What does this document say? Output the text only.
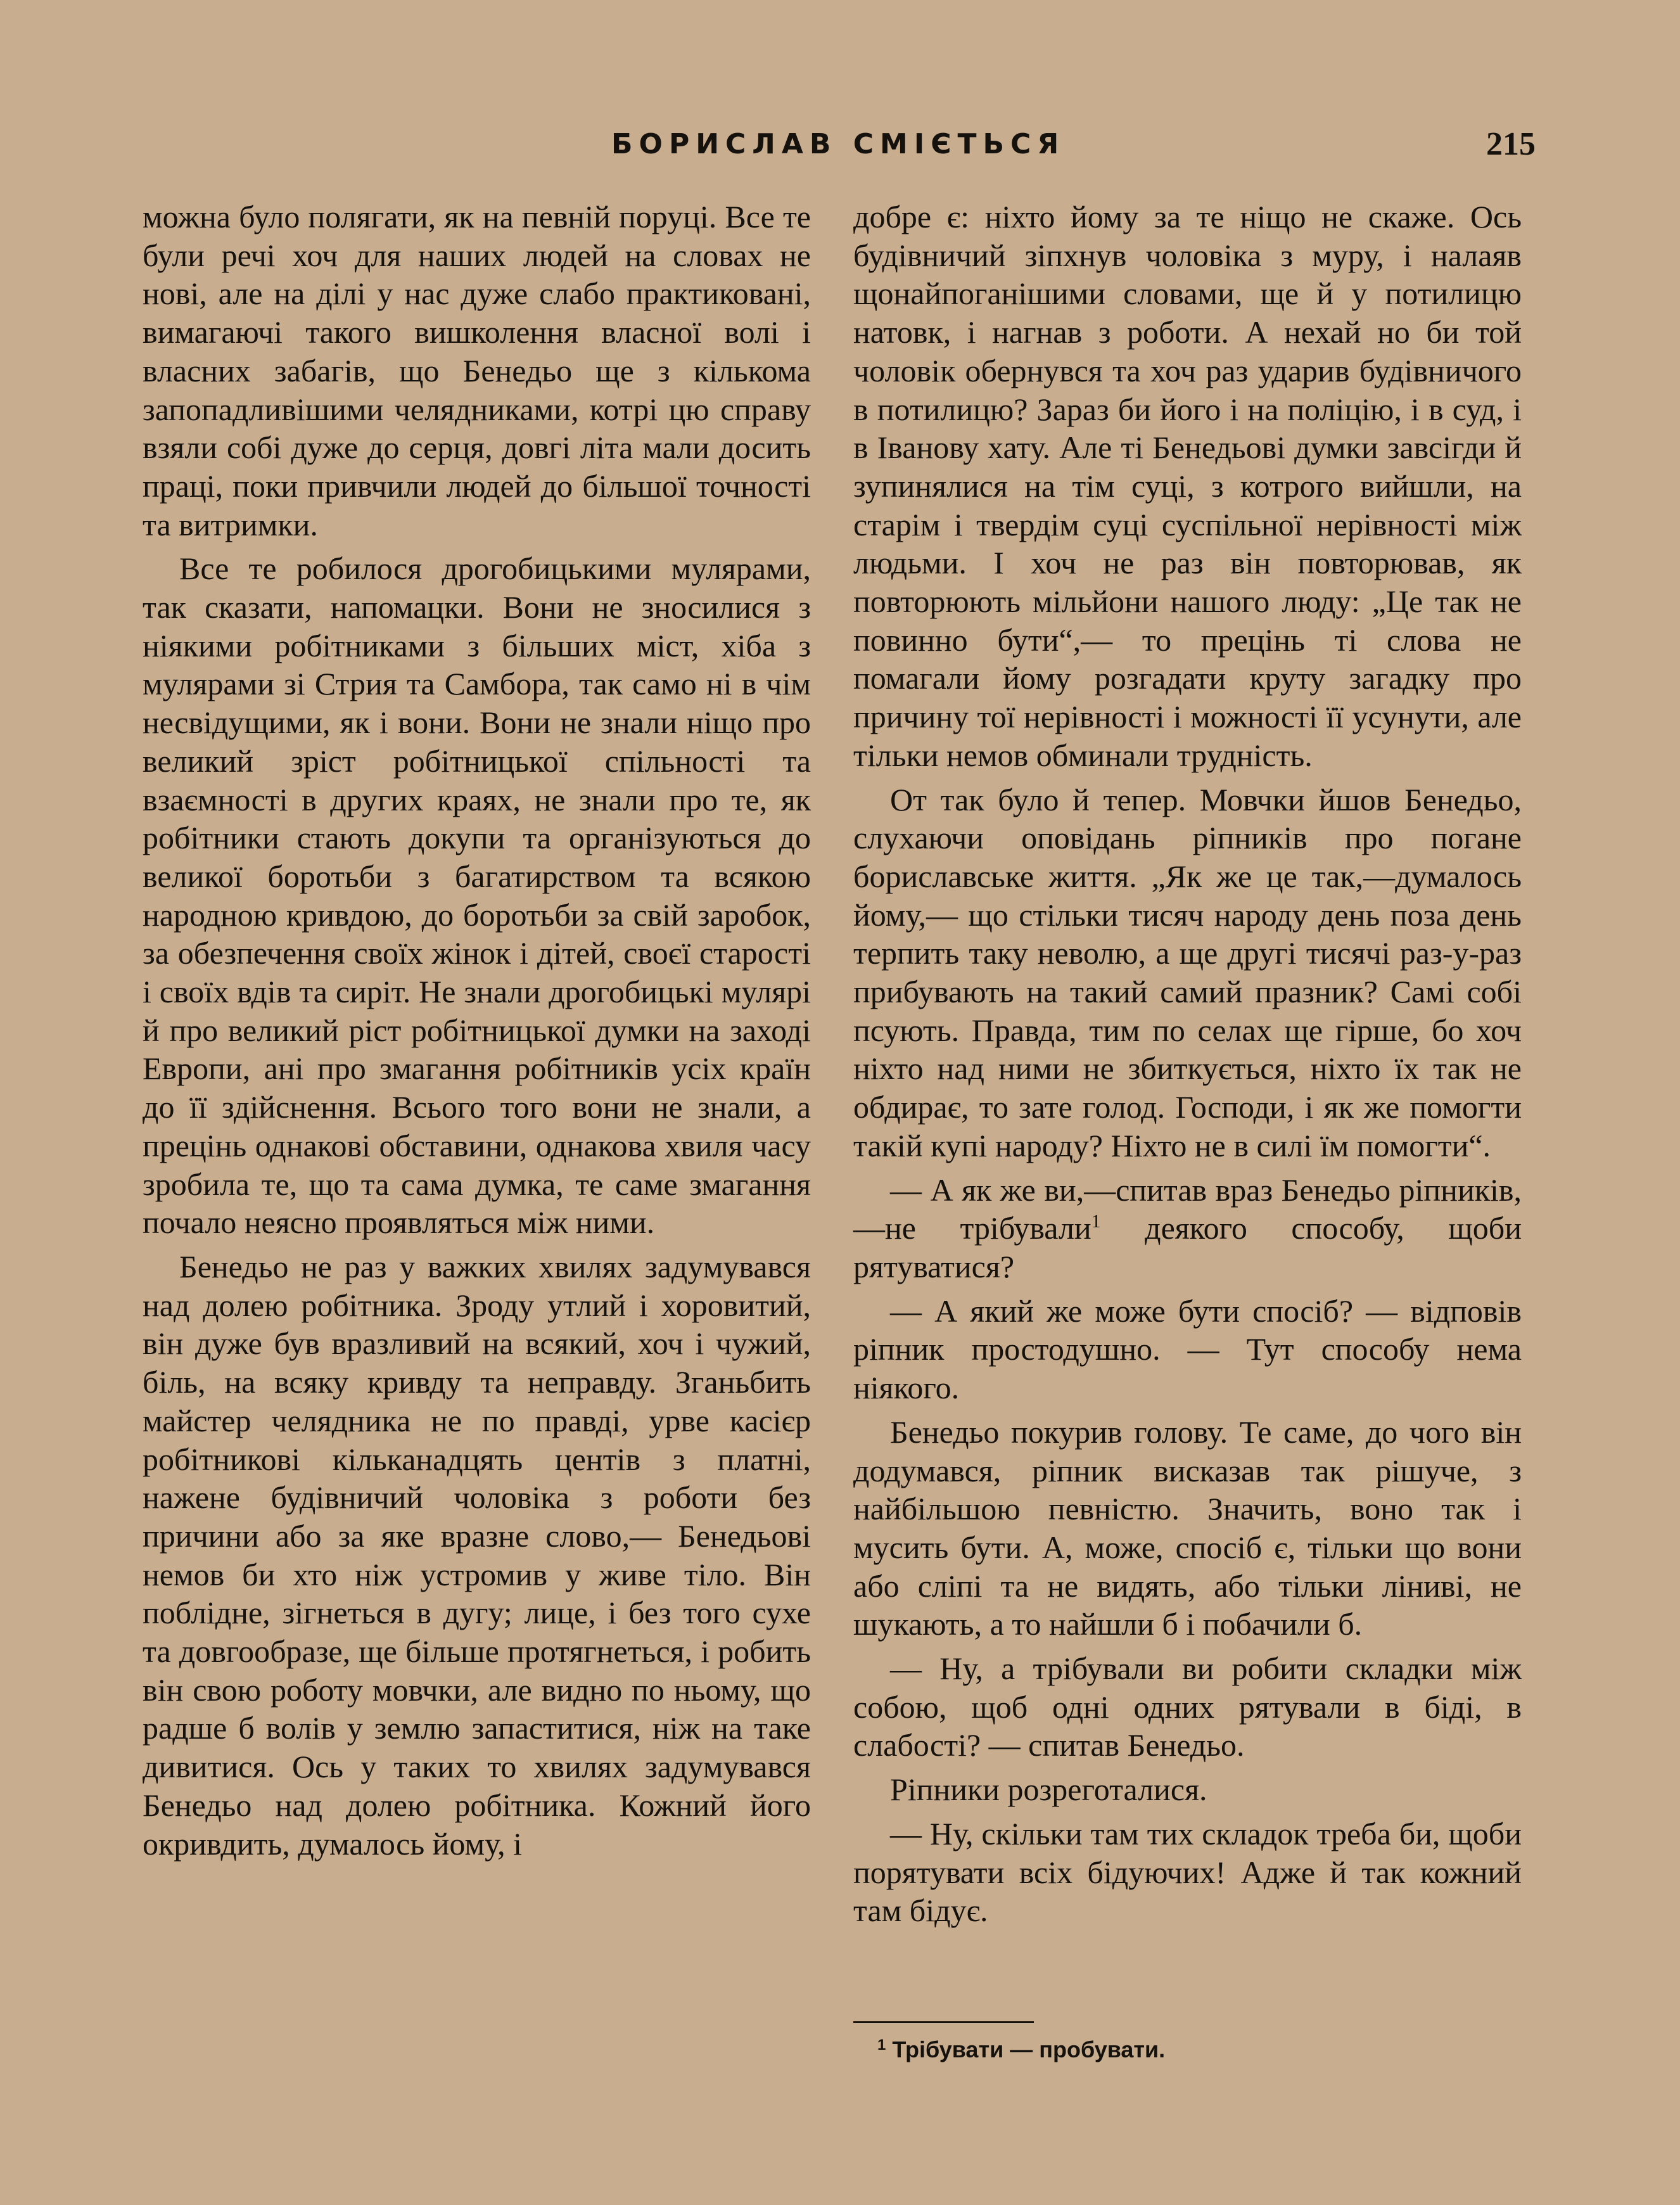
БОРИСЛАВ СМІЄТЬСЯ	215

можна було полягати, як на певній поруці. Все те були речі хоч для наших людей на словах не нові, але на ділі у нас дуже слабо практиковані, вимагаючі такого вишколення власної волі і власних забагів, що Бенедьо ще з кількома запопадливішими челядниками, котрі цю справу взяли собі дуже до серця, довгі літа мали досить праці, поки привчили людей до більшої точності та витримки.

Все те робилося дрогобицькими мулярами, так сказати, напомацки. Вони не зносилися з ніякими робітниками з більших міст, хіба з мулярами зі Стрия та Самбора, так само ні в чім несвідущими, як і вони. Вони не знали ніщо про великий зріст робітницької спільності та взаємності в других краях, не знали про те, як робітники стають докупи та організуються до великої боротьби з багатирством та всякою народною кривдою, до боротьби за свій заробок, за обезпечення своїх жінок і дітей, своєї старості і своїх вдів та сиріт. Не знали дрогобицькі мулярі й про великий ріст робітницької думки на заході Европи, ані про змагання робітників усіх країн до її здійснення. Всього того вони не знали, а прецінь однакові обставини, однакова хвиля часу зробила те, що та сама думка, те саме змагання почало неясно проявляться між ними.

Бенедьо не раз у важких хвилях задумувався над долею робітника. Зроду утлий і хоровитий, він дуже був вразливий на всякий, хоч і чужий, біль, на всяку кривду та неправду. Зганьбить майстер челядника не по правді, урве касієр робітникові кільканадцять центів з платні, нажене будівничий чоловіка з роботи без причини або за яке вразне слово,— Бенедьові немов би хто ніж устромив у живе тіло. Він поблідне, зігнеться в дугу; лице, і без того сухе та довгообразе, ще більше протягнеться, і робить він свою роботу мовчки, але видно по ньому, що радше б волів у землю запаститися, ніж на таке дивитися. Ось у таких то хвилях задумувався Бенедьо над долею робітника. Кожний його окривдить, думалось йому, і

добре є: ніхто йому за те ніщо не скаже. Ось будівничий зіпхнув чоловіка з муру, і налаяв щонайпоганішими словами, ще й у потилицю натовк, і нагнав з роботи. А нехай но би той чоловік обернувся та хоч раз ударив будівничого в потилицю? Зараз би його і на поліцію, і в суд, і в Іванову хату. Але ті Бенедьові думки завсігди й зупинялися на тім суці, з котрого вийшли, на старім і твердім суці суспільної нерівності між людьми. І хоч не раз він повторював, як повторюють мільйони нашого люду: „Це так не повинно бути“,— то прецінь ті слова не помагали йому розгадати круту загадку про причину тої нерівності і можності її усунути, але тільки немов обминали трудність.

От так було й тепер. Мовчки йшов Бенедьо, слухаючи оповідань ріпників про погане бориславське життя. „Як же це так,—думалось йому,— що стільки тисяч народу день поза день терпить таку неволю, а ще другі тисячі раз-у-раз прибувають на такий самий празник? Самі собі псують. Правда, тим по селах ще гірше, бо хоч ніхто над ними не збиткується, ніхто їх так не обдирає, то зате голод. Господи, і як же помогти такій купі народу? Ніхто не в силі їм помогти“.

— А як же ви,—спитав враз Бенедьо ріпників,—не трібували$^1$ деякого способу, щоби рятуватися?

— А який же може бути спосіб? — відповів ріпник простодушно. — Тут способу нема ніякого.

Бенедьо покурив голову. Те саме, до чого він додумався, ріпник висказав так рішуче, з найбільшою певністю. Значить, воно так і мусить бути. А, може, спосіб є, тільки що вони або сліпі та не видять, або тільки ліниві, не шукають, а то найшли б і побачили б.

— Ну, а трібували ви робити складки між собою, щоб одні одних рятували в біді, в слабості? — спитав Бенедьо.

Ріпники розреготалися.

— Ну, скільки там тих складок треба би, щоби порятувати всіх бідуючих! Адже й так кожний там бідує.

$^1$ Трібувати — пробувати.
